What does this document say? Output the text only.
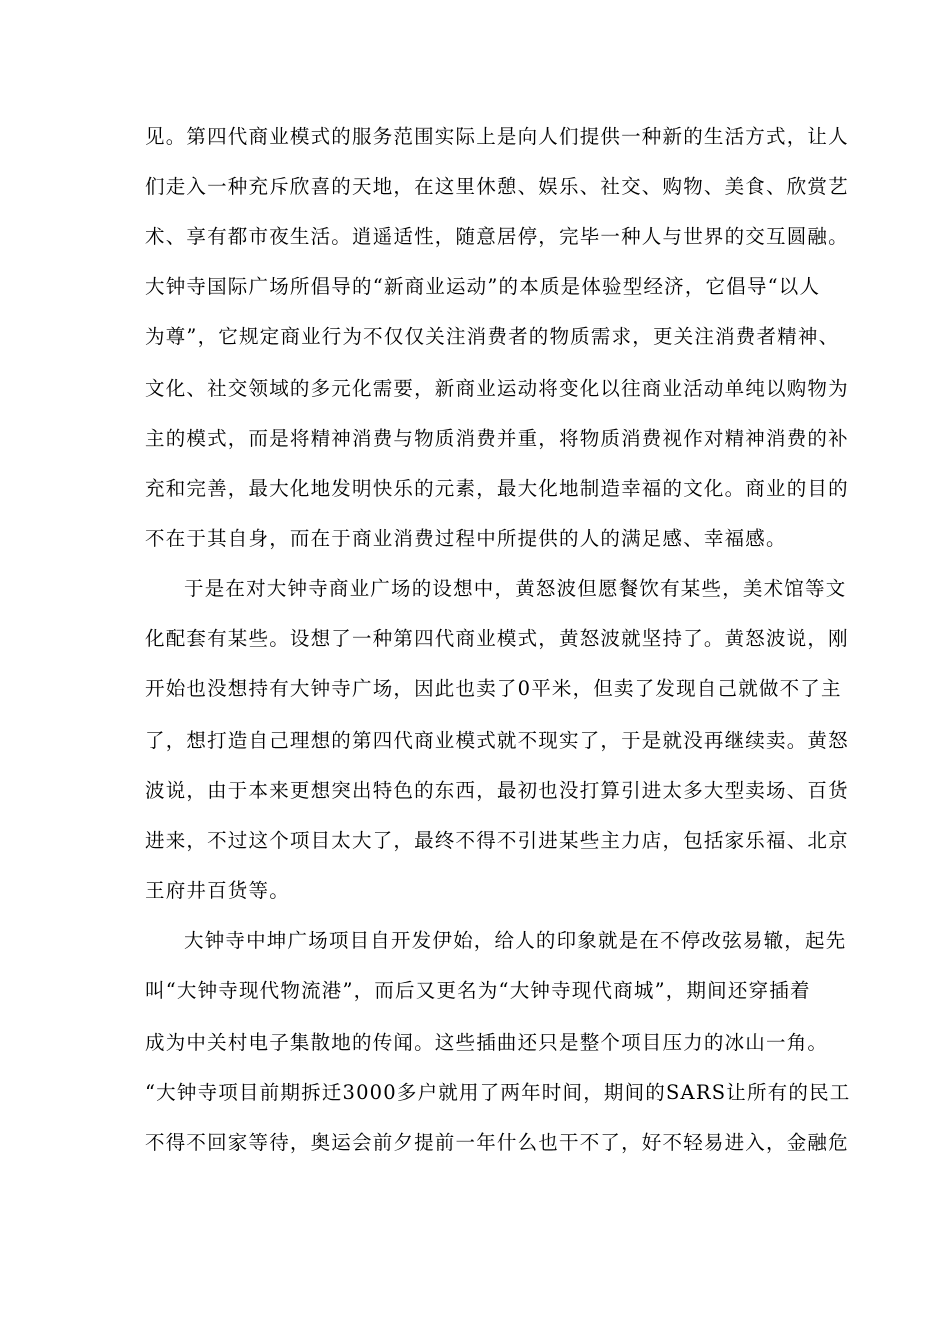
见。第四代商业模式的服务范围实际上是向人们提供一种新的生活方式，让人
们走入一种充斥欣喜的天地，在这里休憩、娱乐、社交、购物、美食、欣赏艺
术、享有都市夜生活。逍遥适性，随意居停，完毕一种人与世界的交互圆融。
大钟寺国际广场所倡导的“新商业运动”的本质是体验型经济，它倡导“以人
为尊”，它规定商业行为不仅仅关注消费者的物质需求，更关注消费者精神、
文化、社交领域的多元化需要，新商业运动将变化以往商业活动单纯以购物为
主的模式，而是将精神消费与物质消费并重，将物质消费视作对精神消费的补
充和完善，最大化地发明快乐的元素，最大化地制造幸福的文化。商业的目的
不在于其自身，而在于商业消费过程中所提供的人的满足感、幸福感。
于是在对大钟寺商业广场的设想中，黄怒波但愿餐饮有某些，美术馆等文
化配套有某些。设想了一种第四代商业模式，黄怒波就坚持了。黄怒波说，刚
开始也没想持有大钟寺广场，因此也卖了0平米，但卖了发现自己就做不了主
了，想打造自己理想的第四代商业模式就不现实了，于是就没再继续卖。黄怒
波说，由于本来更想突出特色的东西，最初也没打算引进太多大型卖场、百货
进来，不过这个项目太大了，最终不得不引进某些主力店，包括家乐福、北京
王府井百货等。
大钟寺中坤广场项目自开发伊始，给人的印象就是在不停改弦易辙，起先
叫“大钟寺现代物流港”，而后又更名为“大钟寺现代商城”，期间还穿插着
成为中关村电子集散地的传闻。这些插曲还只是整个项目压力的冰山一角。
“大钟寺项目前期拆迁3000多户就用了两年时间，期间的SARS让所有的民工
不得不回家等待，奥运会前夕提前一年什么也干不了，好不轻易进入，金融危
